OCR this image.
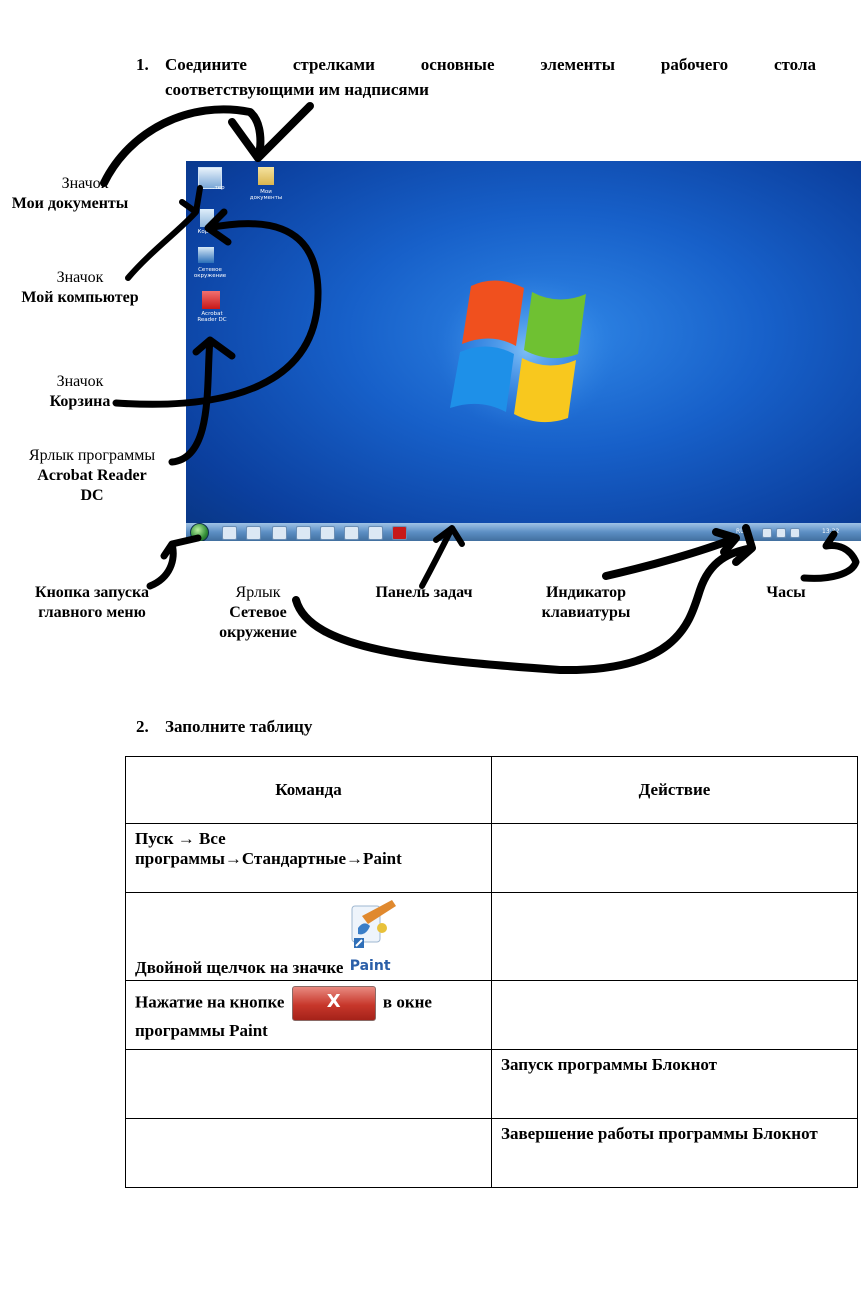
1. Соедините стрелками основные элементы рабочего стола
соответствующими им надписями
...тер
Мои документы
Корз...
Сетевое окружение
Acrobat Reader DC
RU	13:32
Значок
Мои документы
Значок
Мой компьютер
Значок
Корзина
Ярлык программы
Acrobat Reader
DC
Кнопка запуска
главного меню
Ярлык
Сетевое
окружение
Панель задач	Индикатор
клавиатуры
Часы
2. Заполните таблицу
Команда	Действие
Пуск → Все программы→Стандартные→Paint	
Двойной щелчок на значке Paint	

Нажатие на кнопке X в окне программы Paint	
	Запуск программы Блокнот
	Завершение работы программы Блокнот
